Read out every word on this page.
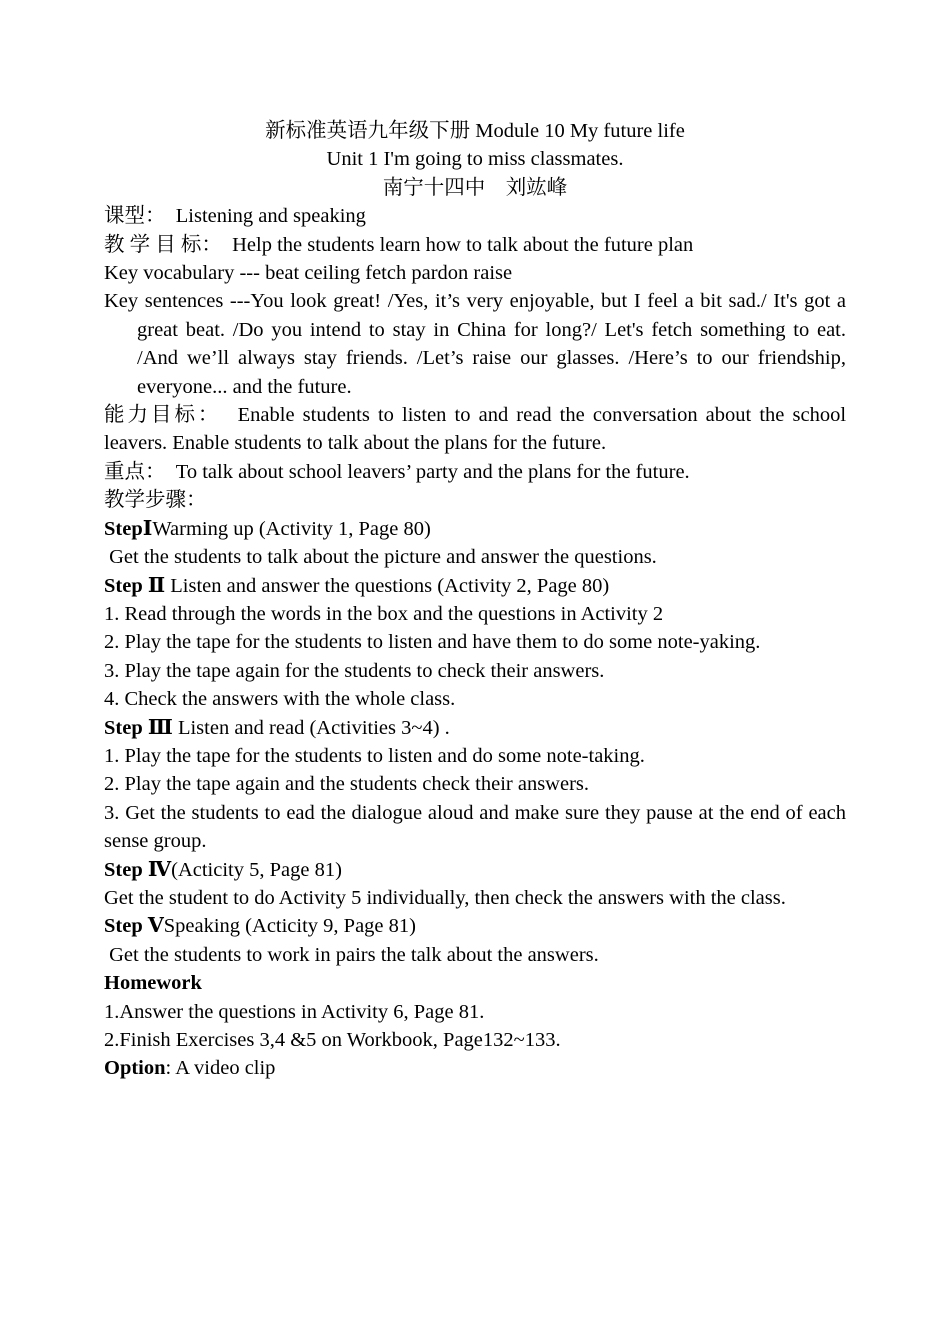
新标准英语九年级下册 Module 10 My future life
Unit 1 I'm going to miss classmates.
南宁十四中　刘竑峰
课型： Listening and speaking
教 学 目 标： Help the students learn how to talk about the future plan
Key vocabulary --- beat ceiling fetch pardon raise
Key sentences ---You look great! /Yes, it’s very enjoyable, but I feel a bit sad./ It's got a great beat. /Do you intend to stay in China for long?/ Let's fetch something to eat. /And we’ll always stay friends. /Let’s raise our glasses. /Here’s to our friendship, everyone... and the future.
能力目标： Enable students to listen to and read the conversation about the school leavers. Enable students to talk about the plans for the future.
重点： To talk about school leavers’ party and the plans for the future.
教学步骤：
StepⅠWarming up (Activity 1, Page 80)
Get the students to talk about the picture and answer the questions.
Step Ⅱ Listen and answer the questions (Activity 2, Page 80)
1. Read through the words in the box and the questions in Activity 2
2. Play the tape for the students to listen and have them to do some note-yaking.
3. Play the tape again for the students to check their answers.
4. Check the answers with the whole class.
Step Ⅲ Listen and read (Activities 3~4) .
1. Play the tape for the students to listen and do some note-taking.
2. Play the tape again and the students check their answers.
3. Get the students to ead the dialogue aloud and make sure they pause at the end of each sense group.
Step Ⅳ(Acticity 5, Page 81)
Get the student to do Activity 5 individually, then check the answers with the class.
Step ⅤSpeaking (Acticity 9, Page 81)
Get the students to work in pairs the talk about the answers.
Homework
1.Answer the questions in Activity 6, Page 81.
2.Finish Exercises 3,4 &5 on Workbook, Page132~133.
Option: A video clip
